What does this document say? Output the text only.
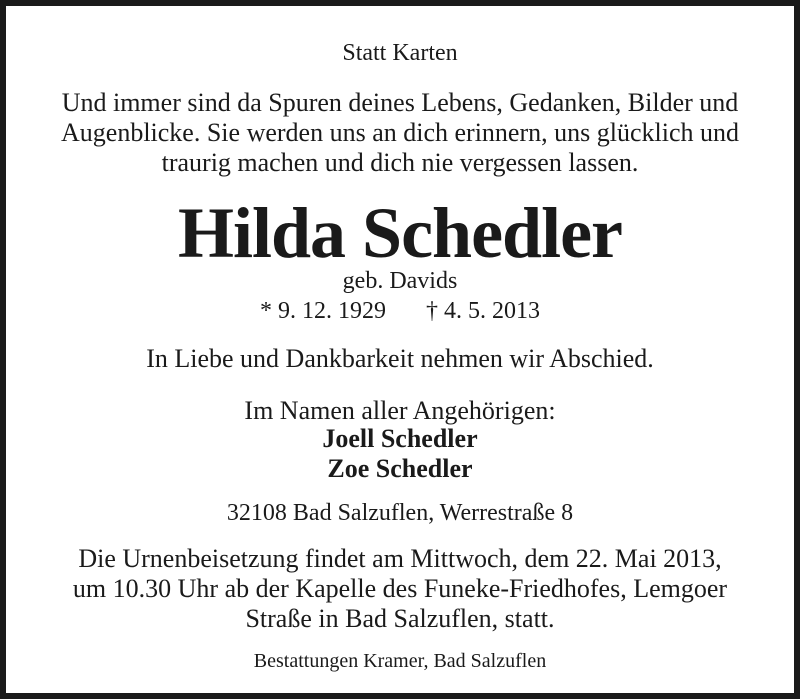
Statt Karten
Und immer sind da Spuren deines Lebens, Gedanken, Bilder und
Augenblicke. Sie werden uns an dich erinnern, uns glücklich und
traurig machen und dich nie vergessen lassen.
Hilda Schedler
geb. Davids
* 9. 12. 1929 † 4. 5. 2013
In Liebe und Dankbarkeit nehmen wir Abschied.
Im Namen aller Angehörigen:
Joell Schedler
Zoe Schedler
32108 Bad Salzuflen, Werrestraße 8
Die Urnenbeisetzung findet am Mittwoch, dem 22. Mai 2013,
um 10.30 Uhr ab der Kapelle des Funeke-Friedhofes, Lemgoer
Straße in Bad Salzuflen, statt.
Bestattungen Kramer, Bad Salzuflen
